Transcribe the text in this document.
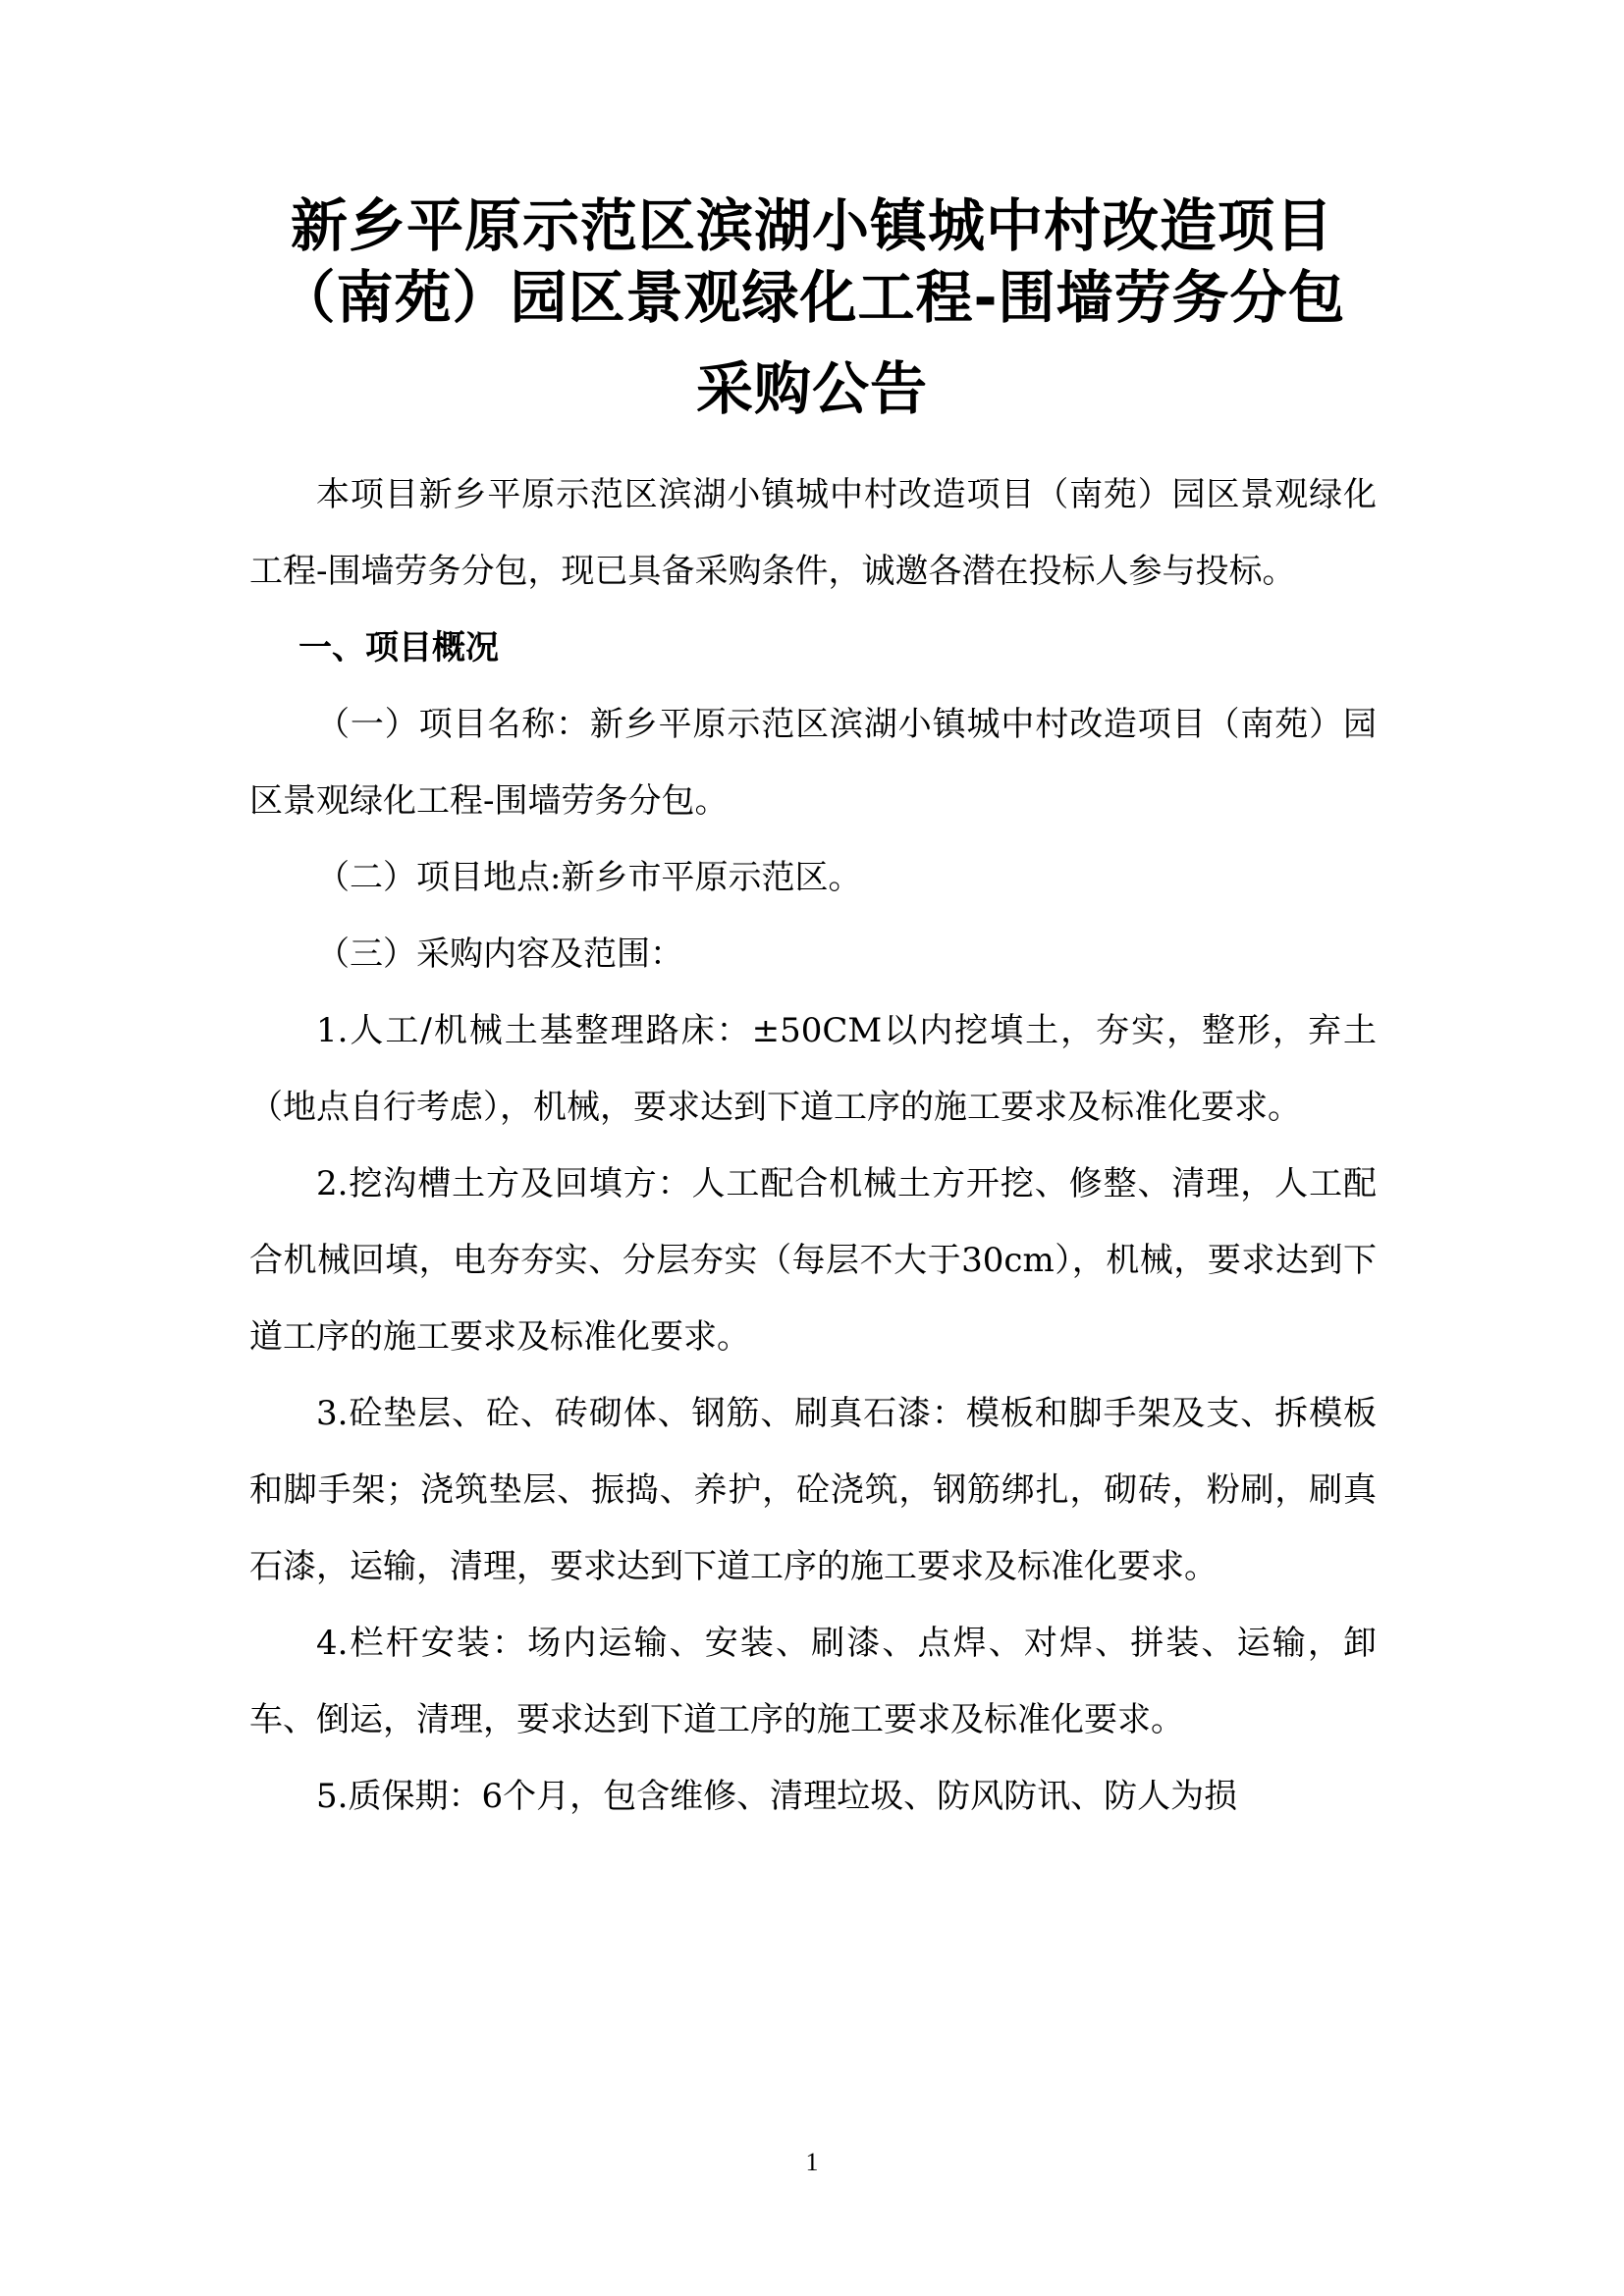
新乡平原示范区滨湖小镇城中村改造项目
（南苑）园区景观绿化工程-围墙劳务分包
采购公告

本项目新乡平原示范区滨湖小镇城中村改造项目（南苑）园区景观绿化工程-围墙劳务分包，现已具备采购条件，诚邀各潜在投标人参与投标。

一、项目概况

（一）项目名称：新乡平原示范区滨湖小镇城中村改造项目（南苑）园区景观绿化工程-围墙劳务分包。

（二）项目地点:新乡市平原示范区。

（三）采购内容及范围：

1.人工/机械土基整理路床：±50CM以内挖填土，夯实，整形，弃土（地点自行考虑），机械，要求达到下道工序的施工要求及标准化要求。

2.挖沟槽土方及回填方：人工配合机械土方开挖、修整、清理，人工配合机械回填，电夯夯实、分层夯实（每层不大于30cm），机械，要求达到下道工序的施工要求及标准化要求。

3.砼垫层、砼、砖砌体、钢筋、刷真石漆：模板和脚手架及支、拆模板和脚手架；浇筑垫层、振捣、养护，砼浇筑，钢筋绑扎，砌砖，粉刷，刷真石漆，运输，清理，要求达到下道工序的施工要求及标准化要求。

4.栏杆安装：场内运输、安装、刷漆、点焊、对焊、拼装、运输，卸车、倒运，清理，要求达到下道工序的施工要求及标准化要求。

5.质保期：6个月，包含维修、清理垃圾、防风防讯、防人为损

1
